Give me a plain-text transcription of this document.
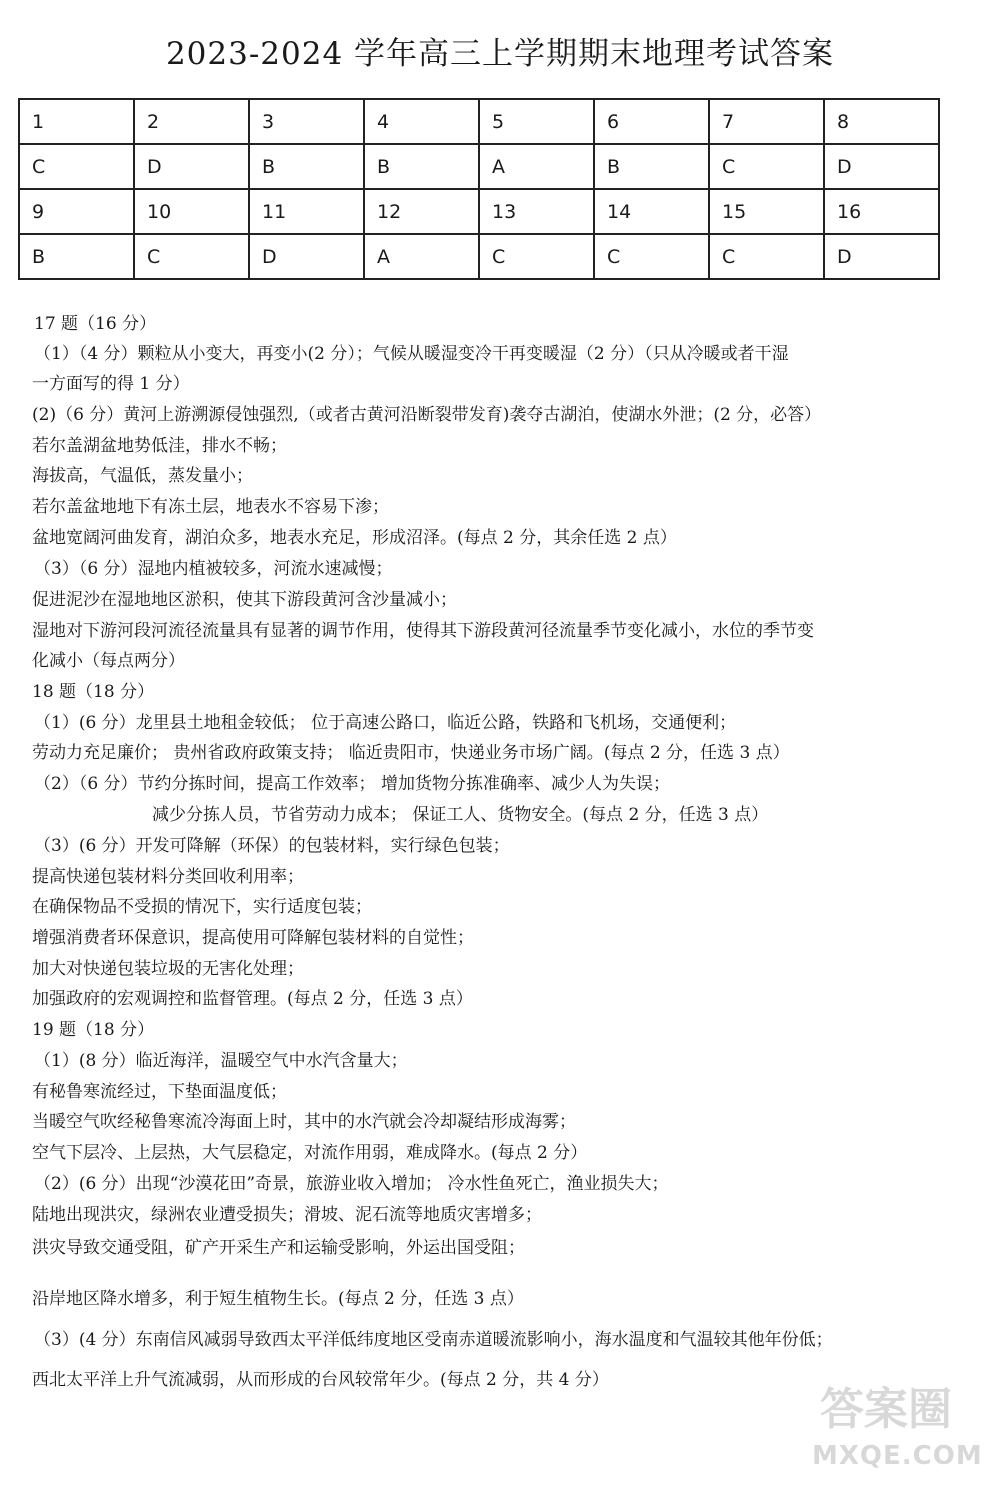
2023-2024 学年高三上学期期末地理考试答案
1	2	3	4	5	6	7	8
C	D	B	B	A	B	C	D
9	10	11	12	13	14	15	16
B	C	D	A	C	C	C	D
17 题（16 分）
（1）（4 分）颗粒从小变大，再变小(2 分）；气候从暖湿变冷干再变暖湿（2 分）（只从冷暖或者干湿
一方面写的得 1 分）
(2)（6 分）黄河上游溯源侵蚀强烈,（或者古黄河沿断裂带发育)袭夺古湖泊，使湖水外泄；(2 分，必答）
若尔盖湖盆地势低洼，排水不畅；
海拔高，气温低，蒸发量小；
若尔盖盆地地下有冻土层，地表水不容易下渗；
盆地宽阔河曲发育，湖泊众多，地表水充足，形成沼泽。(每点 2 分，其余任选 2 点）
（3）（6 分）湿地内植被较多，河流水速减慢；
促进泥沙在湿地地区淤积，使其下游段黄河含沙量减小；
湿地对下游河段河流径流量具有显著的调节作用，使得其下游段黄河径流量季节变化减小，水位的季节变
化减小（每点两分）
18 题（18 分）
（1）(6 分）龙里县土地租金较低； 位于高速公路口，临近公路，铁路和飞机场，交通便利；
劳动力充足廉价； 贵州省政府政策支持； 临近贵阳市，快递业务市场广阔。(每点 2 分，任选 3 点）
（2）（6 分）节约分拣时间，提高工作效率； 增加货物分拣准确率、减少人为失误；
减少分拣人员，节省劳动力成本； 保证工人、货物安全。(每点 2 分，任选 3 点）
（3）(6 分）开发可降解（环保）的包装材料，实行绿色包装；
提高快递包装材料分类回收利用率；
在确保物品不受损的情况下，实行适度包装；
增强消费者环保意识，提高使用可降解包装材料的自觉性；
加大对快递包装垃圾的无害化处理；
加强政府的宏观调控和监督管理。(每点 2 分，任选 3 点）
19 题（18 分）
（1）(8 分）临近海洋，温暖空气中水汽含量大；
有秘鲁寒流经过，下垫面温度低；
当暖空气吹经秘鲁寒流冷海面上时，其中的水汽就会冷却凝结形成海雾；
空气下层冷、上层热，大气层稳定，对流作用弱，难成降水。(每点 2 分）
（2）(6 分）出现“沙漠花田”奇景，旅游业收入增加； 冷水性鱼死亡，渔业损失大；
陆地出现洪灾，绿洲农业遭受损失；滑坡、泥石流等地质灾害增多；
洪灾导致交通受阻，矿产开采生产和运输受影响，外运出国受阻；
沿岸地区降水增多，利于短生植物生长。(每点 2 分，任选 3 点）
（3）(4 分）东南信风减弱导致西太平洋低纬度地区受南赤道暖流影响小，海水温度和气温较其他年份低；
西北太平洋上升气流减弱，从而形成的台风较常年少。(每点 2 分，共 4 分）
答案圈
MXQE.COM
